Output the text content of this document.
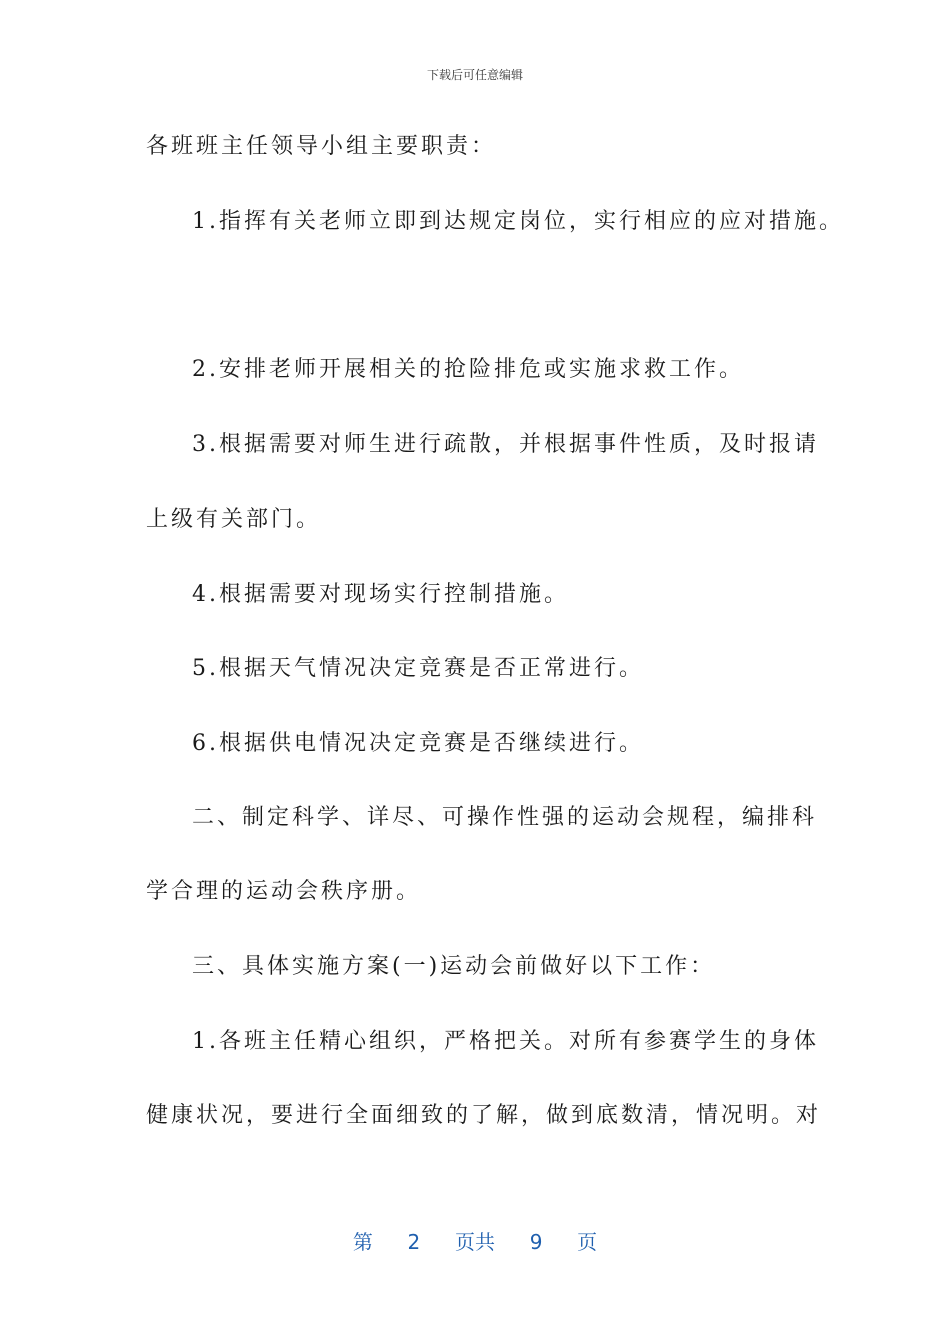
下载后可任意编辑
各班班主任领导小组主要职责：
1.指挥有关老师立即到达规定岗位，实行相应的应对措施。
2.安排老师开展相关的抢险排危或实施求救工作。
3.根据需要对师生进行疏散，并根据事件性质，及时报请
上级有关部门。
4.根据需要对现场实行控制措施。
5.根据天气情况决定竞赛是否正常进行。
6.根据供电情况决定竞赛是否继续进行。
二、制定科学、详尽、可操作性强的运动会规程，编排科
学合理的运动会秩序册。
三、具体实施方案(一)运动会前做好以下工作：
1.各班主任精心组织，严格把关。对所有参赛学生的身体
健康状况，要进行全面细致的了解，做到底数清，情况明。对
第 2 页共 9 页
